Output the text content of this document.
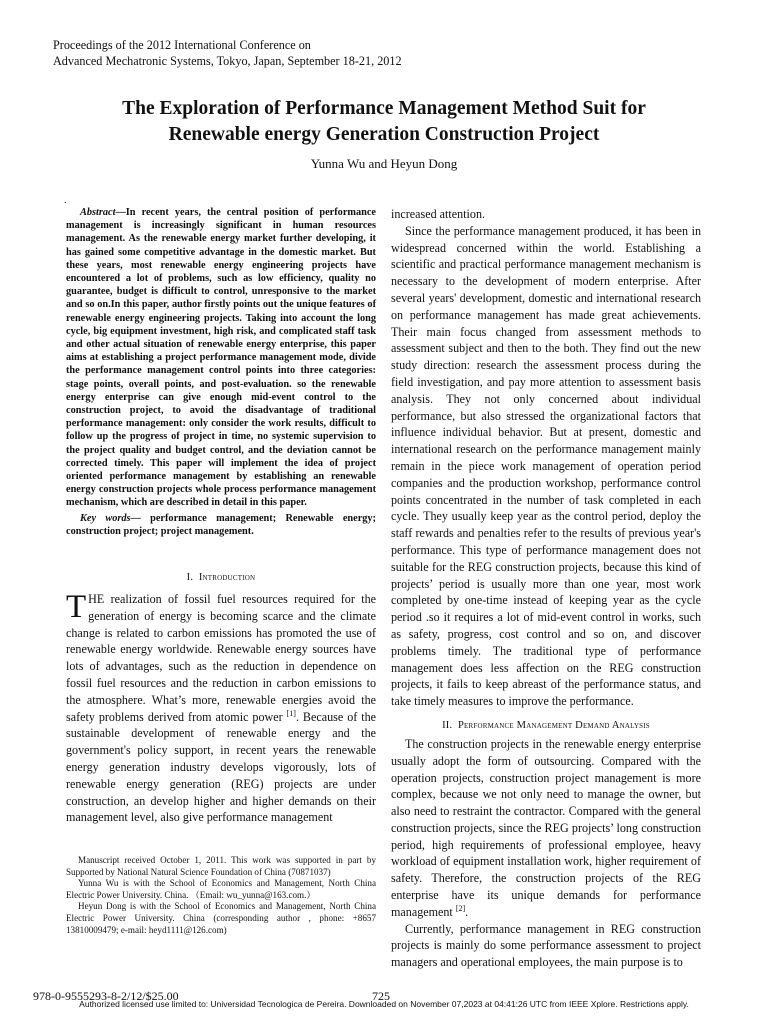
Proceedings of the 2012 International Conference on
Advanced Mechatronic Systems, Tokyo, Japan, September 18-21, 2012
The Exploration of Performance Management Method Suit for
Renewable energy Generation Construction Project
Yunna Wu and Heyun Dong
.

Abstract—In recent years, the central position of performance management is increasingly significant in human resources management. As the renewable energy market further developing, it has gained some competitive advantage in the domestic market. But these years, most renewable energy engineering projects have encountered a lot of problems, such as low efficiency, quality no guarantee, budget is difficult to control, unresponsive to the market and so on.In this paper, author firstly points out the unique features of renewable energy engineering projects. Taking into account the long cycle, big equipment investment, high risk, and complicated staff task and other actual situation of renewable energy enterprise, this paper aims at establishing a project performance management mode, divide the performance management control points into three categories: stage points, overall points, and post-evaluation. so the renewable energy enterprise can give enough mid-event control to the construction project, to avoid the disadvantage of traditional performance management: only consider the work results, difficult to follow up the progress of project in time, no systemic supervision to the project quality and budget control, and the deviation cannot be corrected timely. This paper will implement the idea of project oriented performance management by establishing an renewable energy construction projects whole process performance management mechanism, which are described in detail in this paper.

Key words— performance management; Renewable energy; construction project; project management.

I. Introduction

THE realization of fossil fuel resources required for the generation of energy is becoming scarce and the climate change is related to carbon emissions has promoted the use of renewable energy worldwide. Renewable energy sources have lots of advantages, such as the reduction in dependence on fossil fuel resources and the reduction in carbon emissions to the atmosphere. What’s more, renewable energies avoid the safety problems derived from atomic power [1]. Because of the sustainable development of renewable energy and the government's policy support, in recent years the renewable energy generation industry develops vigorously, lots of renewable energy generation (REG) projects are under construction, an develop higher and higher demands on their management level, also give performance management

Manuscript received October 1, 2011. This work was supported in part by Supported by National Natural Science Foundation of China (70871037)

Yunna Wu is with the School of Economics and Management, North China Electric Power University. China. （Email: wu_yunna@163.com.）

Heyun Dong is with the School of Economics and Management, North China Electric Power University. China (corresponding author , phone: +8657 13810009479; e-mail: heyd1111@126.com)

increased attention.

Since the performance management produced, it has been in widespread concerned within the world. Establishing a scientific and practical performance management mechanism is necessary to the development of modern enterprise. After several years' development, domestic and international research on performance management has made great achievements. Their main focus changed from assessment methods to assessment subject and then to the both. They find out the new study direction: research the assessment process during the field investigation, and pay more attention to assessment basis analysis. They not only concerned about individual performance, but also stressed the organizational factors that influence individual behavior. But at present, domestic and international research on the performance management mainly remain in the piece work management of operation period companies and the production workshop, performance control points concentrated in the number of task completed in each cycle. They usually keep year as the control period, deploy the staff rewards and penalties refer to the results of previous year's performance. This type of performance management does not suitable for the REG construction projects, because this kind of projects’ period is usually more than one year, most work completed by one-time instead of keeping year as the cycle period .so it requires a lot of mid-event control in works, such as safety, progress, cost control and so on, and discover problems timely. The traditional type of performance management does less affection on the REG construction projects, it fails to keep abreast of the performance status, and take timely measures to improve the performance.

II. Performance Management Demand Analysis

The construction projects in the renewable energy enterprise usually adopt the form of outsourcing. Compared with the operation projects, construction project management is more complex, because we not only need to manage the owner, but also need to restraint the contractor. Compared with the general construction projects, since the REG projects’ long construction period, high requirements of professional employee, heavy workload of equipment installation work, higher requirement of safety. Therefore, the construction projects of the REG enterprise have its unique demands for performance management [2].

Currently, performance management in REG construction projects is mainly do some performance assessment to project managers and operational employees, the main purpose is to

978-0-9555293-8-2/12/$25.00	725
Authorized licensed use limited to: Universidad Tecnologica de Pereira. Downloaded on November 07,2023 at 04:41:26 UTC from IEEE Xplore. Restrictions apply.
